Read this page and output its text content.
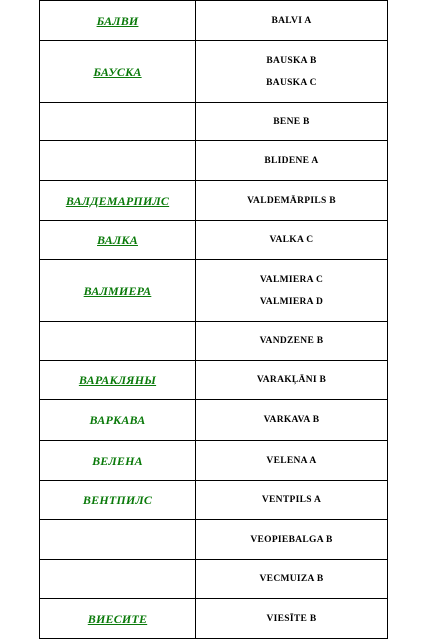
БАЛВИ	BALVI A

БАУСКА	BAUSKA B
BAUSKA C

	BENE B

	BLIDENE A

ВАЛДЕМАРПИЛС	VALDEMĀRPILS B

ВАЛКА	VALKA C

ВАЛМИЕРА	VALMIERA C
VALMIERA D

	VANDZENE B

ВАРАКЛЯНЫ	VARAKĻĀNI B

ВАРКАВА	VARKAVA B

ВЕЛЕНА	VELENA A

ВЕНТПИЛС	VENTPILS A

	VEOPIEBALGA B

	VECMUIZA B

ВИЕСИТЕ	VIESĪTE B
